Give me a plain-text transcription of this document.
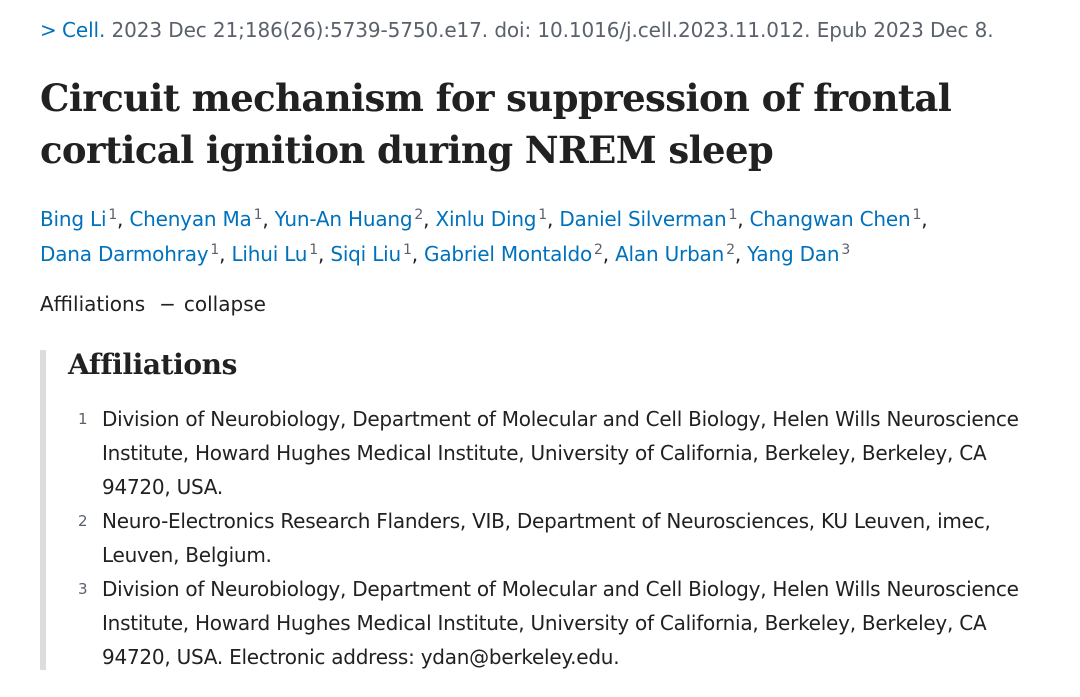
> Cell. 2023 Dec 21;186(26):5739-5750.e17. doi: 10.1016/j.cell.2023.11.012. Epub 2023 Dec 8.
Circuit mechanism for suppression of frontal cortical ignition during NREM sleep
Bing Li $^1$, Chenyan Ma $^1$, Yun-An Huang $^2$, Xinlu Ding $^1$, Daniel Silverman $^1$, Changwan Chen $^1$,
Dana Darmohray $^1$, Lihui Lu $^1$, Siqi Liu $^1$, Gabriel Montaldo $^2$, Alan Urban $^2$, Yang Dan $^3$
Affiliations − collapse
Affiliations
1 Division of Neurobiology, Department of Molecular and Cell Biology, Helen Wills Neuroscience Institute, Howard Hughes Medical Institute, University of California, Berkeley, Berkeley, CA 94720, USA.
2 Neuro-Electronics Research Flanders, VIB, Department of Neurosciences, KU Leuven, imec, Leuven, Belgium.
3 Division of Neurobiology, Department of Molecular and Cell Biology, Helen Wills Neuroscience Institute, Howard Hughes Medical Institute, University of California, Berkeley, Berkeley, CA 94720, USA. Electronic address: ydan@berkeley.edu.
